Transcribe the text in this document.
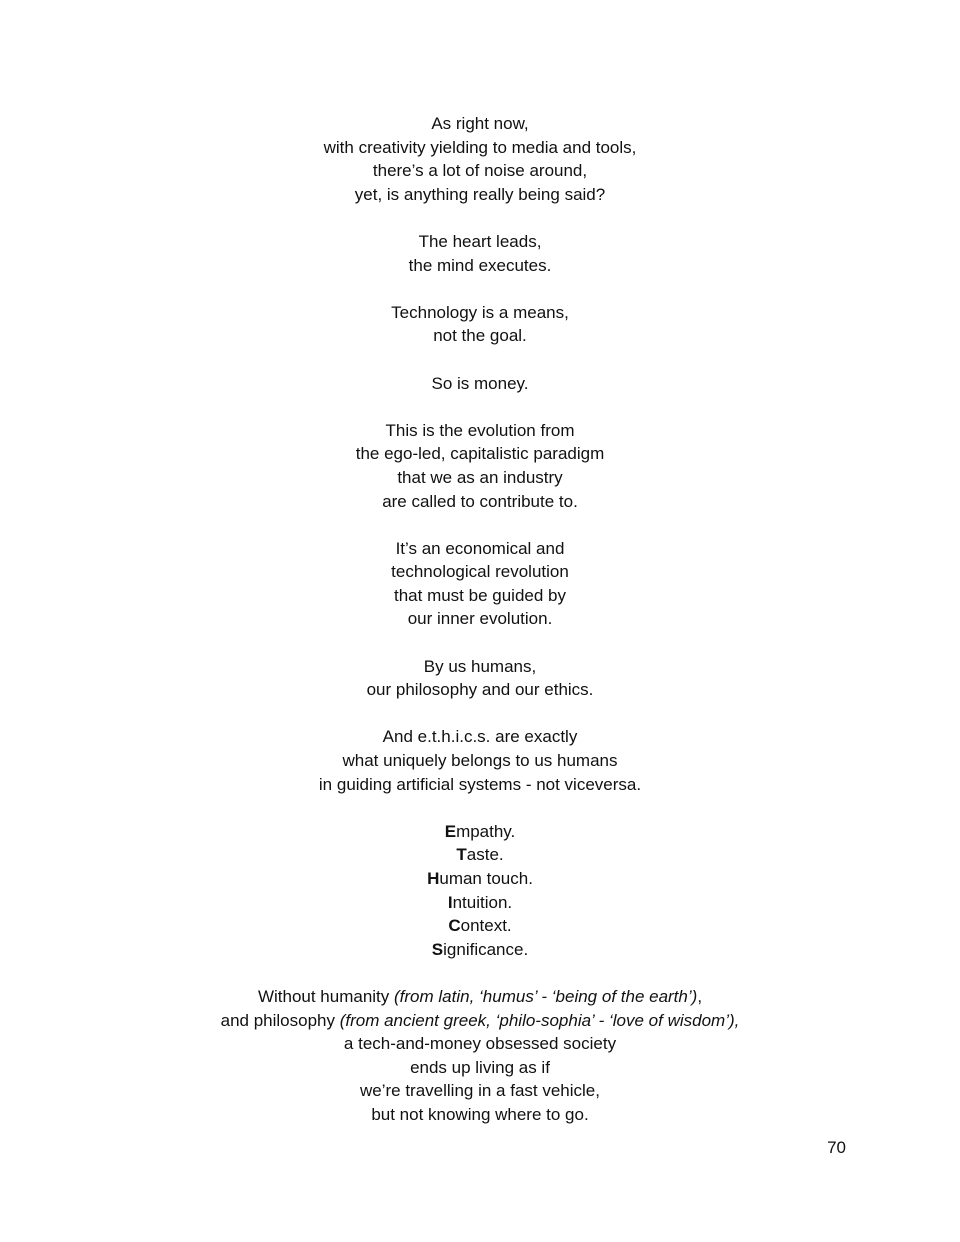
As right now,
with creativity yielding to media and tools,
there’s a lot of noise around,
yet, is anything really being said?
The heart leads,
the mind executes.
Technology is a means,
not the goal.
So is money.
This is the evolution from
the ego-led, capitalistic paradigm
that we as an industry
are called to contribute to.
It’s an economical and
technological revolution
that must be guided by
our inner evolution.
By us humans,
our philosophy and our ethics.
And e.t.h.i.c.s. are exactly
what uniquely belongs to us humans
in guiding artificial systems - not viceversa.
Empathy.
Taste.
Human touch.
Intuition.
Context.
Significance.
Without humanity (from latin, ‘humus’ - ‘being of the earth’),
and philosophy (from ancient greek, ‘philo-sophia’ - ‘love of wisdom’),
a tech-and-money obsessed society
ends up living as if
we’re travelling in a fast vehicle,
but not knowing where to go.
70
